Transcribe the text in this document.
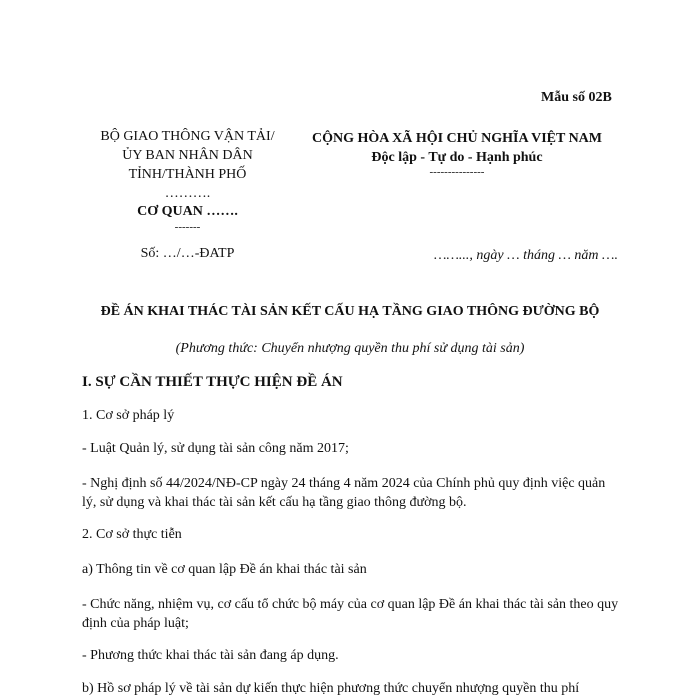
Mẫu số 02B
BỘ GIAO THÔNG VẬN TẢI/
ỦY BAN NHÂN DÂN
TỈNH/THÀNH PHỐ
……….
CƠ QUAN …….
-------
Số: …/…-ĐATP
CỘNG HÒA XÃ HỘI CHỦ NGHĨA VIỆT NAM
Độc lập - Tự do - Hạnh phúc
---------------
……..., ngày … tháng … năm ….
ĐỀ ÁN KHAI THÁC TÀI SẢN KẾT CẤU HẠ TẦNG GIAO THÔNG ĐƯỜNG BỘ
(Phương thức: Chuyển nhượng quyền thu phí sử dụng tài sản)
I. SỰ CẦN THIẾT THỰC HIỆN ĐỀ ÁN
1. Cơ sở pháp lý
- Luật Quản lý, sử dụng tài sản công năm 2017;
- Nghị định số 44/2024/NĐ-CP ngày 24 tháng 4 năm 2024 của Chính phủ quy định việc quản lý, sử dụng và khai thác tài sản kết cấu hạ tầng giao thông đường bộ.
2. Cơ sở thực tiễn
a) Thông tin về cơ quan lập Đề án khai thác tài sản
- Chức năng, nhiệm vụ, cơ cấu tổ chức bộ máy của cơ quan lập Đề án khai thác tài sản theo quy định của pháp luật;
- Phương thức khai thác tài sản đang áp dụng.
b) Hồ sơ pháp lý về tài sản dự kiến thực hiện phương thức chuyển nhượng quyền thu phí
